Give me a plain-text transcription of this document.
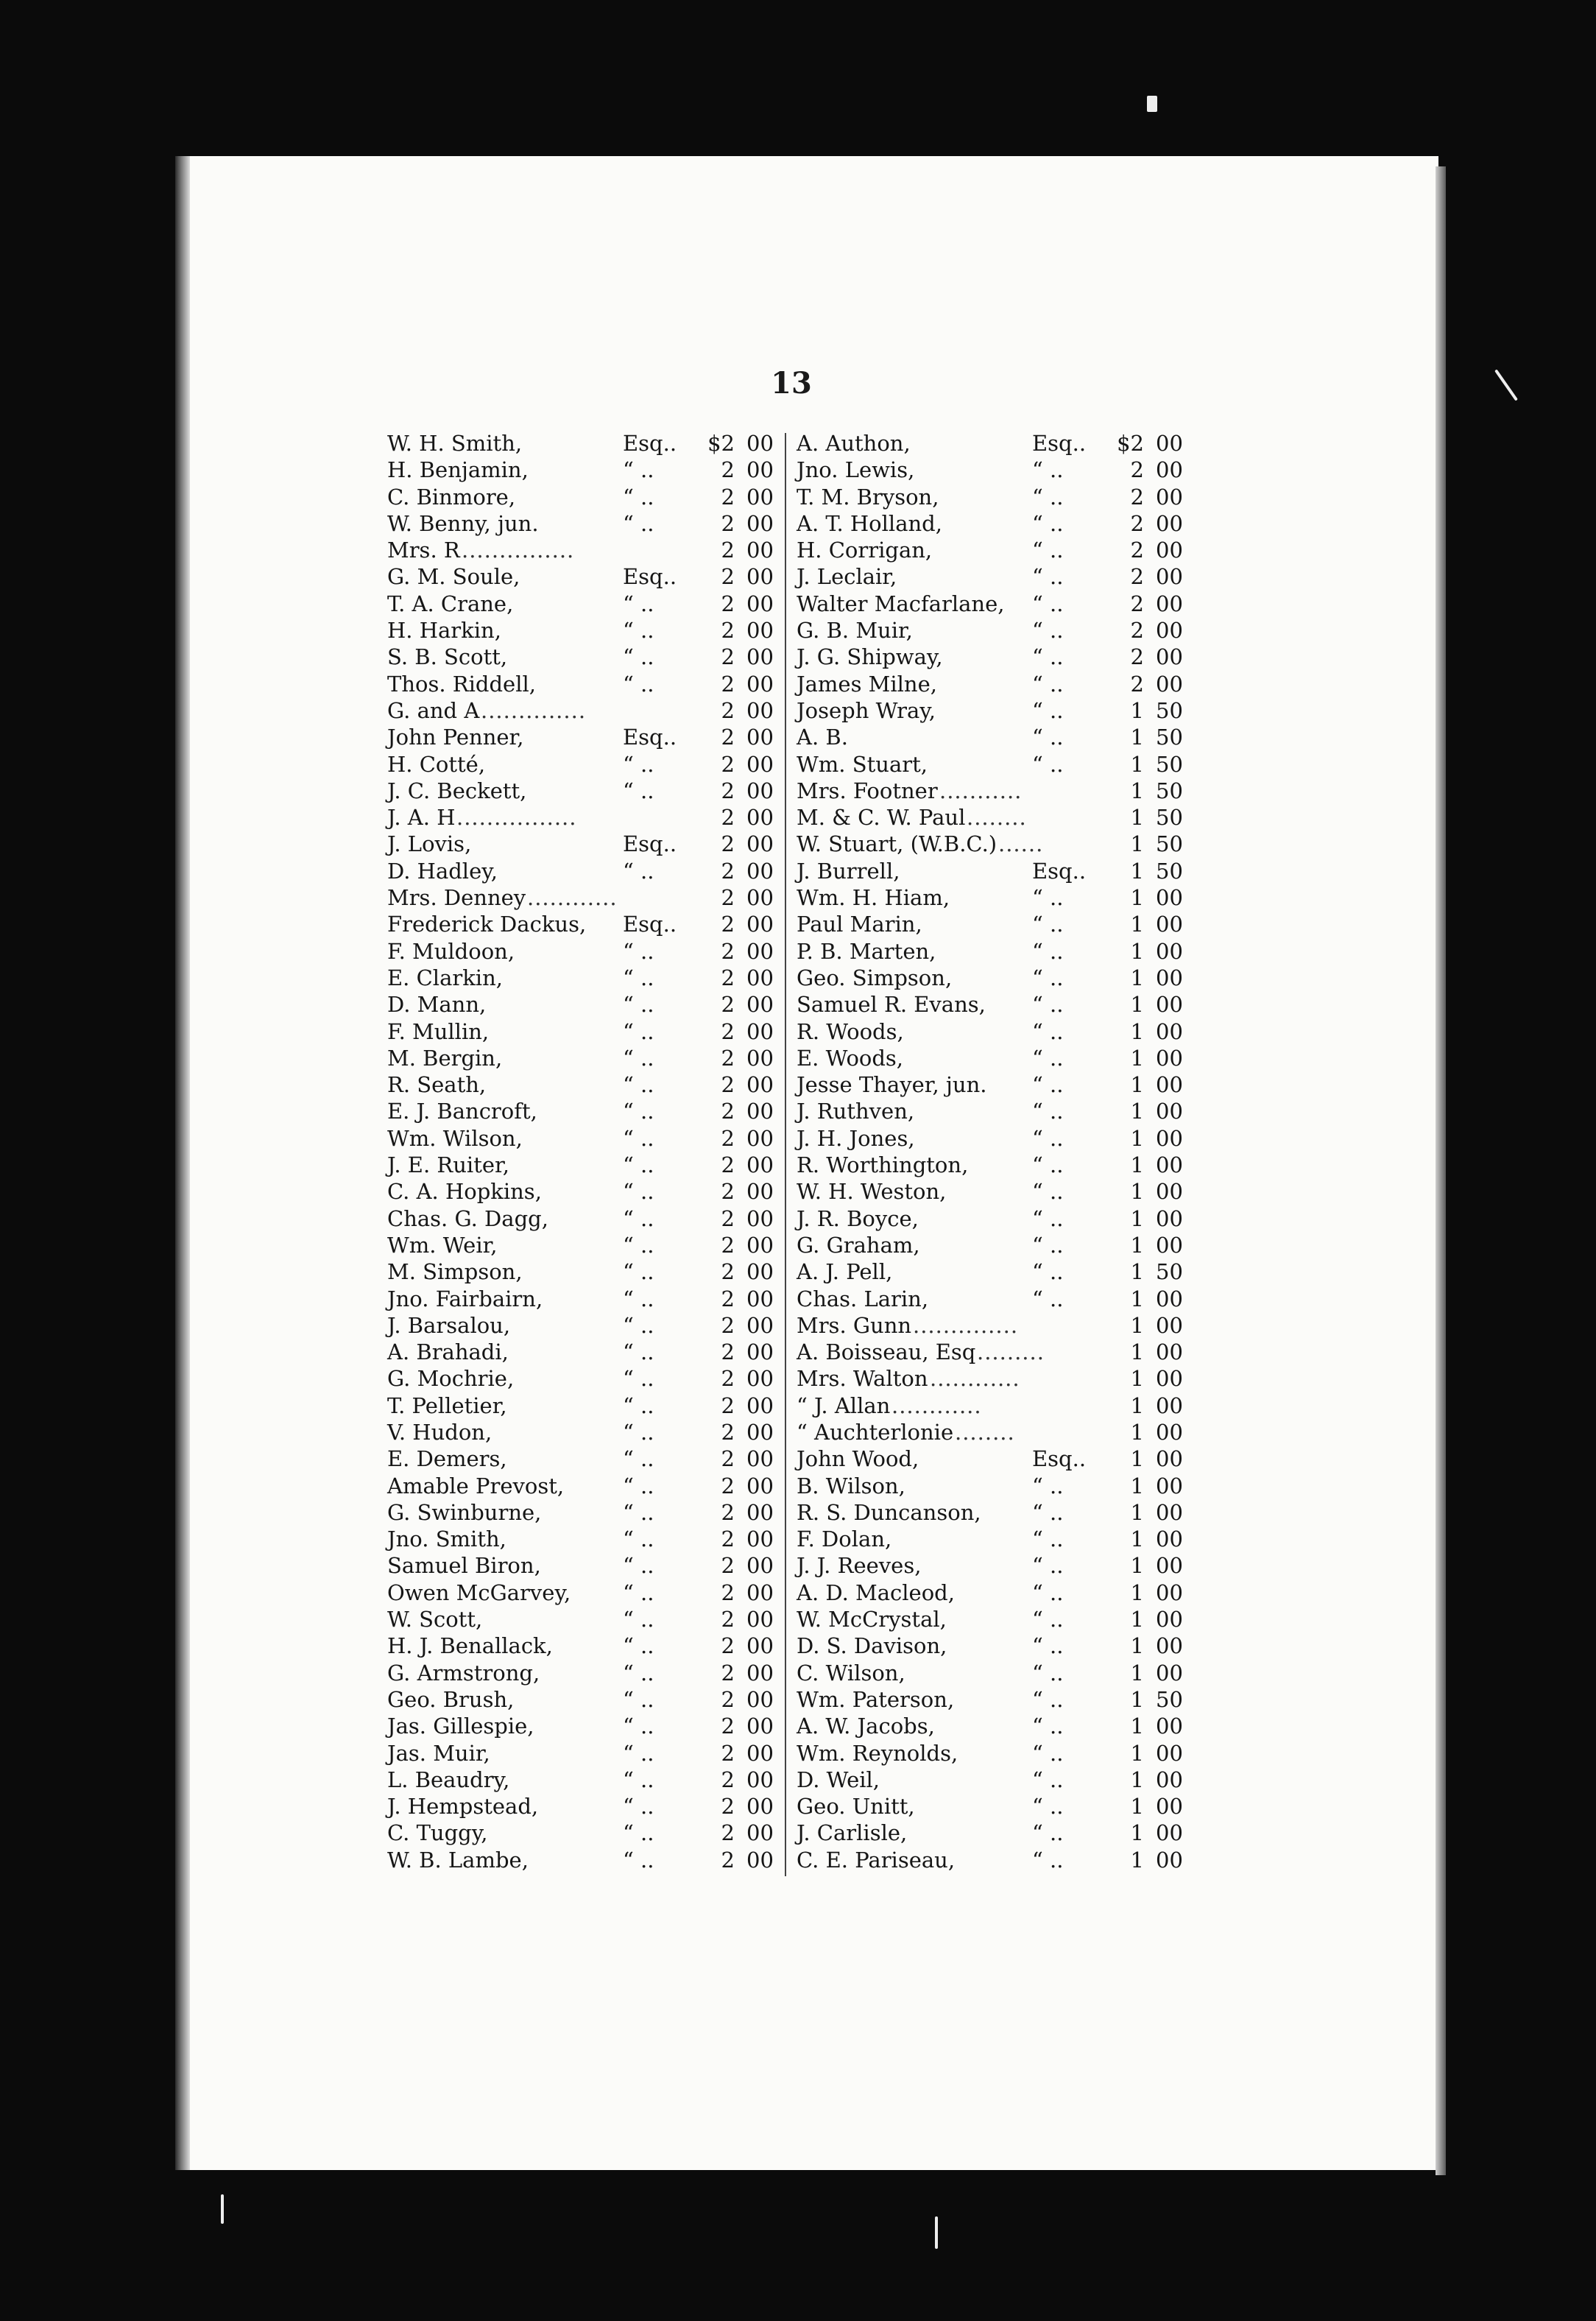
13
W. H. Smith,	Esq..	$2 00
H. Benjamin,	“ ..	2 00
C. Binmore,	“ ..	2 00
W. Benny, jun.	“ ..	2 00
Mrs. R ...............	2 00
G. M. Soule,	Esq..	2 00
T. A. Crane,	“ ..	2 00
H. Harkin,	“ ..	2 00
S. B. Scott,	“ ..	2 00
Thos. Riddell,	“ ..	2 00
G. and A ..............	2 00
John Penner,	Esq..	2 00
H. Cotté,	“ ..	2 00
J. C. Beckett,	“ ..	2 00
J. A. H ................	2 00
J. Lovis,	Esq..	2 00
D. Hadley,	“ ..	2 00
Mrs. Denney ............	2 00
Frederick Dackus, Esq..	2 00
F. Muldoon,	“ ..	2 00
E. Clarkin,	“ ..	2 00
D. Mann,	“ ..	2 00
F. Mullin,	“ ..	2 00
M. Bergin,	“ ..	2 00
R. Seath,	“ ..	2 00
E. J. Bancroft,	“ ..	2 00
Wm. Wilson,	“ ..	2 00
J. E. Ruiter,	“ ..	2 00
C. A. Hopkins,	“ ..	2 00
Chas. G. Dagg,	“ ..	2 00
Wm. Weir,	“ ..	2 00
M. Simpson,	“ ..	2 00
Jno. Fairbairn,	“ ..	2 00
J. Barsalou,	“ ..	2 00
A. Brahadi,	“ ..	2 00
G. Mochrie,	“ ..	2 00
T. Pelletier,	“ ..	2 00
V. Hudon,	“ ..	2 00
E. Demers,	“ ..	2 00
Amable Prevost,	“ ..	2 00
G. Swinburne,	“ ..	2 00
Jno. Smith,	“ ..	2 00
Samuel Biron,	“ ..	2 00
Owen McGarvey, “ ..	2 00
W. Scott,	“ ..	2 00
H. J. Benallack,	“ ..	2 00
G. Armstrong,	“ ..	2 00
Geo. Brush,	“ ..	2 00
Jas. Gillespie,	“ ..	2 00
Jas. Muir,	“ ..	2 00
L. Beaudry,	“ ..	2 00
J. Hempstead,	“ ..	2 00
C. Tuggy,	“ ..	2 00
W. B. Lambe,	“ ..	2 00
A. Authon,	Esq..	$2 00
Jno. Lewis,	“ ..	2 00
T. M. Bryson,	“ ..	2 00
A. T. Holland,	“ ..	2 00
H. Corrigan,	“ ..	2 00
J. Leclair,	“ ..	2 00
Walter Macfarlane, “ ..	2 00
G. B. Muir,	“ ..	2 00
J. G. Shipway,	“ ..	2 00
James Milne,	“ ..	2 00
Joseph Wray,	“ ..	1 50
A. B.	“ ..	1 50
Wm. Stuart,	“ ..	1 50
Mrs. Footner ...........	1 50
M. & C. W. Paul ........	1 50
W. Stuart, (W.B.C.) ......	1 50
J. Burrell,	Esq..	1 50
Wm. H. Hiam,	“ ..	1 00
Paul Marin,	“ ..	1 00
P. B. Marten,	“ ..	1 00
Geo. Simpson,	“ ..	1 00
Samuel R. Evans, “ ..	1 00
R. Woods,	“ ..	1 00
E. Woods,	“ ..	1 00
Jesse Thayer, jun. “ ..	1 00
J. Ruthven,	“ ..	1 00
J. H. Jones,	“ ..	1 00
R. Worthington,	“ ..	1 00
W. H. Weston,	“ ..	1 00
J. R. Boyce,	“ ..	1 00
G. Graham,	“ ..	1 00
A. J. Pell,	“ ..	1 50
Chas. Larin,	“ ..	1 00
Mrs. Gunn ..............	1 00
A. Boisseau, Esq .........	1 00
Mrs. Walton ............	1 00
“ J. Allan ............	1 00
“ Auchterlonie ........	1 00
John Wood,	Esq..	1 00
B. Wilson,	“ ..	1 00
R. S. Duncanson, “ ..	1 00
F. Dolan,	“ ..	1 00
J. J. Reeves,	“ ..	1 00
A. D. Macleod,	“ ..	1 00
W. McCrystal,	“ ..	1 00
D. S. Davison,	“ ..	1 00
C. Wilson,	“ ..	1 00
Wm. Paterson,	“ ..	1 50
A. W. Jacobs,	“ ..	1 00
Wm. Reynolds,	“ ..	1 00
D. Weil,	“ ..	1 00
Geo. Unitt,	“ ..	1 00
J. Carlisle,	“ ..	1 00
C. E. Pariseau,	“ ..	1 00
